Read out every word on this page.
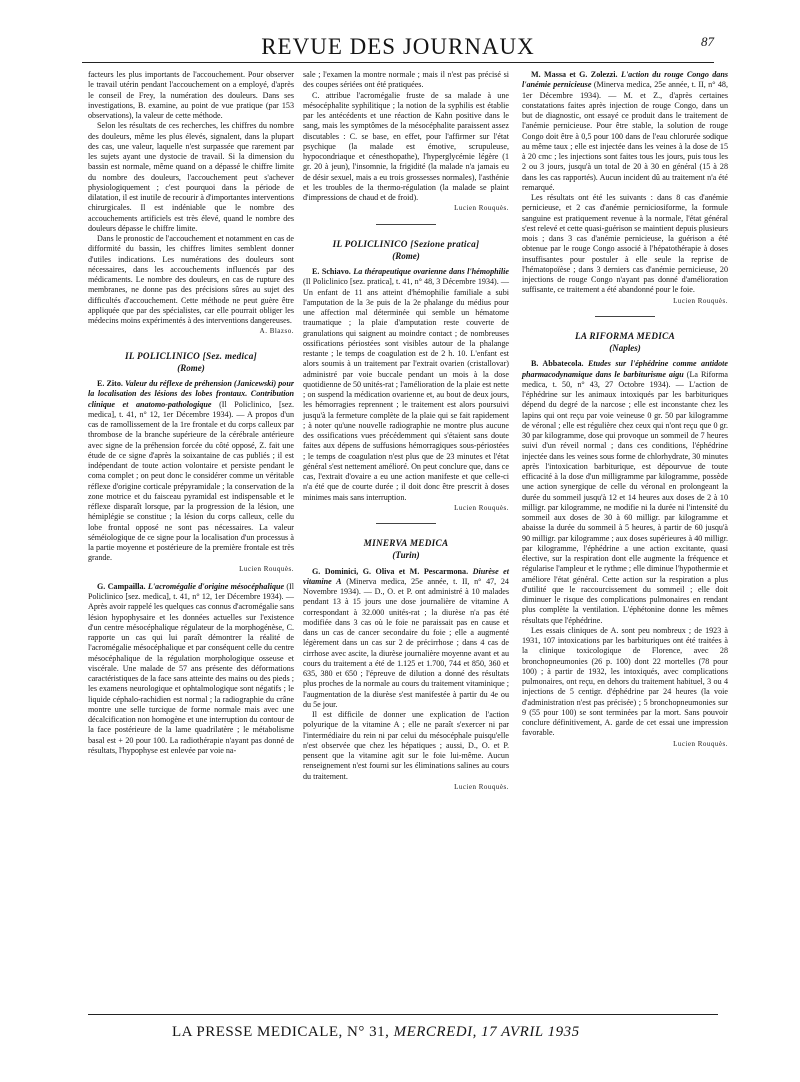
REVUE DES JOURNAUX	87

facteurs les plus importants de l'accouchement. Pour observer le travail utérin pendant l'accouchement on a employé, d'après le conseil de Frey, la numération des douleurs. Dans ses investigations, B. examine, au point de vue pratique (par 153 observations), la valeur de cette méthode.

Selon les résultats de ces recherches, les chiffres du nombre des douleurs, même les plus élevés, signalent, dans la plupart des cas, une valeur, laquelle n'est surpassée que rarement par les sujets ayant une dystocie de travail. Si la dimension du bassin est normale, même quand on a dépassé le chiffre limite du nombre des douleurs, l'accouchement peut s'achever physiologiquement ; c'est pourquoi dans la période de dilatation, il est inutile de recourir à d'importantes interventions chirurgicales. Il est indéniable que le nombre des accouchements artificiels est très élevé, quand le nombre des douleurs dépasse le chiffre limite.

Dans le pronostic de l'accouchement et notamment en cas de difformité du bassin, les chiffres limites semblent donner d'utiles indications. Les numérations des douleurs sont nécessaires, dans les accouchements influencés par des médicaments. Le nombre des douleurs, en cas de rupture des membranes, ne donne pas des précisions sûres au sujet des difficultés d'accouchement. Cette méthode ne peut guère être appliquée que par des spécialistes, car elle pourrait obliger les médecins moins expérimentés à des interventions dangereuses.

A. Blazso.

IL POLICLINICO [Sez. medica]
(Rome)

E. Zito. Valeur du réflexe de préhension (Janicewski) pour la localisation des lésions des lobes frontaux. Contribution clinique et anatomo-pathologique (Il Policlinico, [sez. medica], t. 41, n° 12, 1er Décembre 1934). — A propos d'un cas de ramollissement de la 1re frontale et du corps calleux par thrombose de la branche supérieure de la cérébrale antérieure avec signe de la préhension forcée du côté opposé, Z. fait une étude de ce signe d'après la soixantaine de cas publiés ; il est indépendant de toute action volontaire et persiste pendant le coma complet ; on peut donc le considérer comme un véritable réflexe d'origine corticale prépyramidale ; la conservation de la zone motrice et du faisceau pyramidal est indispensable et le réflexe disparaît lorsque, par la progression de la lésion, une hémiplégie se constitue ; la lésion du corps calleux, celle du lobe frontal opposé ne sont pas nécessaires. La valeur séméiologique de ce signe pour la localisation d'un processus à la partie moyenne et postérieure de la première frontale est très grande.

Lucien Rouquès.

G. Campailla. L'acromégalie d'origine mésocéphalique (Il Policlinico [sez. medica], t. 41, n° 12, 1er Décembre 1934). — Après avoir rappelé les quelques cas connus d'acromégalie sans lésion hypophysaire et les données actuelles sur l'existence d'un centre mésocéphalique régulateur de la morphogénèse, C. rapporte un cas qui lui paraît démontrer la réalité de l'acromégalie mésocéphalique et par conséquent celle du centre mésocéphalique de la régulation morphologique osseuse et viscérale. Une malade de 57 ans présente des déformations caractéristiques de la face sans atteinte des mains ou des pieds ; les examens neurologique et ophtalmologique sont négatifs ; le liquide céphalo-rachidien est normal ; la radiographie du crâne montre une selle turcique de forme normale mais avec une décalcification non homogène et une interruption du contour de la face postérieure de la lame quadrilatère ; le métabolisme basal est + 20 pour 100. La radiothérapie n'ayant pas donné de résultats, l'hypophyse est enlevée par voie na-

sale ; l'examen la montre normale ; mais il n'est pas précisé si des coupes sériées ont été pratiquées.

C. attribue l'acromégalie fruste de sa malade à une mésocéphalite syphilitique ; la notion de la syphilis est établie par les antécédents et une réaction de Kahn positive dans le sang, mais les symptômes de la mésocéphalite paraissent assez discutables : C. se base, en effet, pour l'affirmer sur l'état psychique (la malade est émotive, scrupuleuse, hypocondriaque et cénesthopathe), l'hyperglycémie légère (1 gr. 20 à jeun), l'insomnie, la frigidité (la malade n'a jamais eu de désir sexuel, mais a eu trois grossesses normales), l'asthénie et les troubles de la thermo-régulation (la malade se plaint d'impressions de chaud et de froid).

Lucien Rouquès.

IL POLICLINICO [Sezione pratica]
(Rome)

E. Schiavo. La thérapeutique ovarienne dans l'hémophilie (Il Policlinico [sez. pratica], t. 41, n° 48, 3 Décembre 1934). — Un enfant de 11 ans atteint d'hémophilie familiale a subi l'amputation de la 3e puis de la 2e phalange du médius pour une affection mal déterminée qui semble un hématome traumatique ; la plaie d'amputation reste couverte de granulations qui saignent au moindre contact ; de nombreuses ossifications périostées sont visibles autour de la phalange restante ; le temps de coagulation est de 2 h. 10. L'enfant est alors soumis à un traitement par l'extrait ovarien (cristallovar) administré par voie buccale pendant un mois à la dose quotidienne de 50 unités-rat ; l'amélioration de la plaie est nette ; on suspend la médication ovarienne et, au bout de deux jours, les hémorragies reprennent ; le traitement est alors poursuivi jusqu'à la fermeture complète de la plaie qui se fait rapidement ; à noter qu'une nouvelle radiographie ne montre plus aucune des ossifications vues précédemment qui s'étaient sans doute faites aux dépens de suffusions hémorragiques sous-périostées ; le temps de coagulation n'est plus que de 23 minutes et l'état général s'est nettement amélioré. On peut conclure que, dans ce cas, l'extrait d'ovaire a eu une action manifeste et que celle-ci n'a été que de courte durée ; il doit donc être prescrit à doses minimes mais sans interruption.

Lucien Rouquès.

MINERVA MEDICA
(Turin)

G. Dominici, G. Oliva et M. Pescarmona. Diurèse et vitamine A (Minerva medica, 25e année, t. II, n° 47, 24 Novembre 1934). — D., O. et P. ont administré à 10 malades pendant 13 à 15 jours une dose journalière de vitamine A correspondant à 32.000 unités-rat ; la diurèse n'a pas été modifiée dans 3 cas où le foie ne paraissait pas en cause et dans un cas de cancer secondaire du foie ; elle a augmenté légèrement dans un cas sur 2 de précirrhose ; dans 4 cas de cirrhose avec ascite, la diurèse journalière moyenne avant et au cours du traitement a été de 1.125 et 1.700, 744 et 850, 360 et 635, 380 et 650 ; l'épreuve de dilution a donné des résultats plus proches de la normale au cours du traitement vitaminique ; l'augmentation de la diurèse s'est manifestée à partir du 4e ou du 5e jour.

Il est difficile de donner une explication de l'action polyurique de la vitamine A ; elle ne paraît s'exercer ni par l'intermédiaire du rein ni par celui du mésocéphale puisqu'elle n'est observée que chez les hépatiques ; aussi, D., O. et P. pensent que la vitamine agit sur le foie lui-même. Aucun renseignement n'est fourni sur les éliminations salines au cours du traitement.

Lucien Rouquès.

M. Massa et G. Zolezzi. L'action du rouge Congo dans l'anémie pernicieuse (Minerva medica, 25e année, t. II, n° 48, 1er Décembre 1934). — M. et Z., d'après certaines constatations faites après injection de rouge Congo, dans un but de diagnostic, ont essayé ce produit dans le traitement de l'anémie pernicieuse. Pour être stable, la solution de rouge Congo doit être à 0,5 pour 100 dans de l'eau chlorurée sodique au même taux ; elle est injectée dans les veines à la dose de 15 à 20 cmc ; les injections sont faites tous les jours, puis tous les 2 ou 3 jours, jusqu'à un total de 20 à 30 en général (15 à 28 dans les cas rapportés). Aucun incident dû au traitement n'a été remarqué.

Les résultats ont été les suivants : dans 8 cas d'anémie pernicieuse, et 2 cas d'anémie perniciosiforme, la formule sanguine est pratiquement revenue à la normale, l'état général s'est relevé et cette quasi-guérison se maintient depuis plusieurs mois ; dans 3 cas d'anémie pernicieuse, la guérison a été obtenue par le rouge Congo associé à l'hépatothérapie à doses insuffisantes pour postuler à elle seule la reprise de l'hématopoïèse ; dans 3 derniers cas d'anémie pernicieuse, 20 injections de rouge Congo n'ayant pas donné d'amélioration suffisante, ce traitement a été abandonné pour le foie.

Lucien Rouquès.

LA RIFORMA MEDICA
(Naples)

B. Abbatecola. Etudes sur l'éphédrine comme antidote pharmacodynamique dans le barbiturisme aigu (La Riforma medica, t. 50, n° 43, 27 Octobre 1934). — L'action de l'éphédrine sur les animaux intoxiqués par les barbituriques dépend du degré de la narcose ; elle est inconstante chez les lapins qui ont reçu par voie veineuse 0 gr. 50 par kilogramme de véronal ; elle est régulière chez ceux qui n'ont reçu que 0 gr. 30 par kilogramme, dose qui provoque un sommeil de 7 heures suivi d'un réveil normal ; dans ces conditions, l'éphédrine injectée dans les veines sous forme de chlorhydrate, 30 minutes après l'intoxication barbiturique, est dépourvue de toute efficacité à la dose d'un milligramme par kilogramme, possède une action synergique de celle du véronal en prolongeant la durée du sommeil jusqu'à 12 et 14 heures aux doses de 2 à 10 milligr. par kilogramme, ne modifie ni la durée ni l'intensité du sommeil aux doses de 30 à 60 milligr. par kilogramme et abaisse la durée du sommeil à 5 heures, à partir de 60 jusqu'à 90 milligr. par kilogramme ; aux doses supérieures à 40 milligr. par kilogramme, l'éphédrine a une action excitante, quasi élective, sur la respiration dont elle augmente la fréquence et régularise l'ampleur et le rythme ; elle diminue l'hypothermie et améliore l'état général. Cette action sur la respiration a plus d'utilité que le raccourcissement du sommeil ; elle doit diminuer le risque des complications pulmonaires en rendant plus complète la ventilation. L'éphétonine donne les mêmes résultats que l'éphédrine.

Les essais cliniques de A. sont peu nombreux ; de 1923 à 1931, 107 intoxications par les barbituriques ont été traitées à la clinique toxicologique de Florence, avec 28 bronchopneumonies (26 p. 100) dont 22 mortelles (78 pour 100) ; à partir de 1932, les intoxiqués, avec complications pulmonaires, ont reçu, en dehors du traitement habituel, 3 ou 4 injections de 5 centigr. d'éphédrine par 24 heures (la voie d'administration n'est pas précisée) ; 5 bronchopneumonies sur 9 (55 pour 100) se sont terminées par la mort. Sans pouvoir conclure définitivement, A. garde de cet essai une impression favorable.

Lucien Rouquès.

LA PRESSE MEDICALE, N° 31, MERCREDI, 17 AVRIL 1935
